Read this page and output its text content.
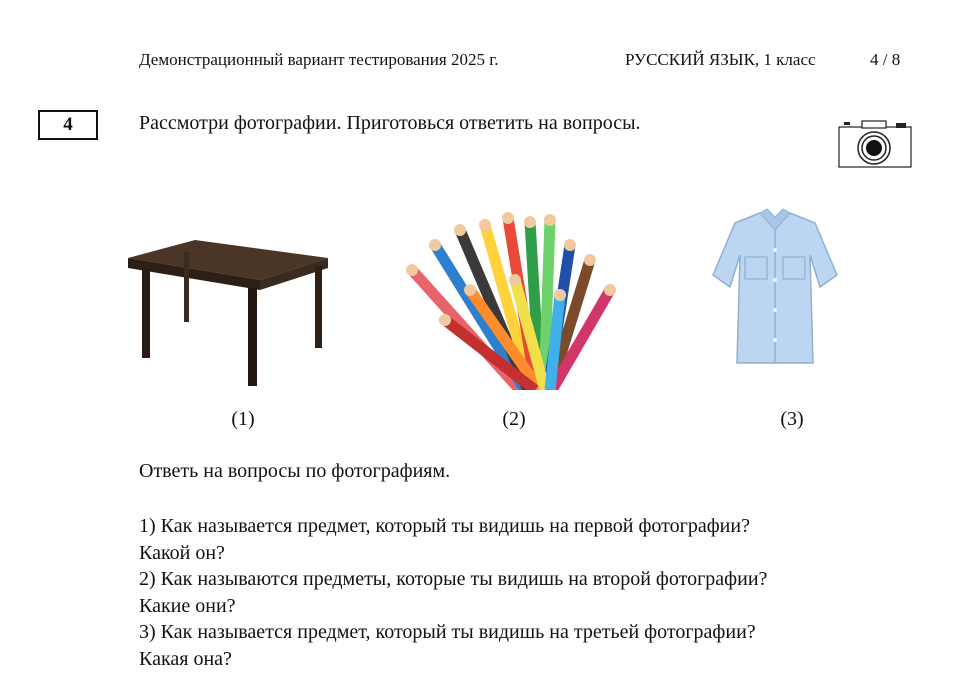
Демонстрационный вариант тестирования 2025 г.	РУССКИЙ ЯЗЫК, 1 класс	4 / 8
4	Рассмотри фотографии. Приготовься ответить на вопросы.
(1)	(2)	(3)
Ответь на вопросы по фотографиям.

1) Как называется предмет, который ты видишь на первой фотографии?
Какой он?

2) Как называются предметы, которые ты видишь на второй фотографии?
Какие они?

3) Как называется предмет, который ты видишь на третьей фотографии?
Какая она?
